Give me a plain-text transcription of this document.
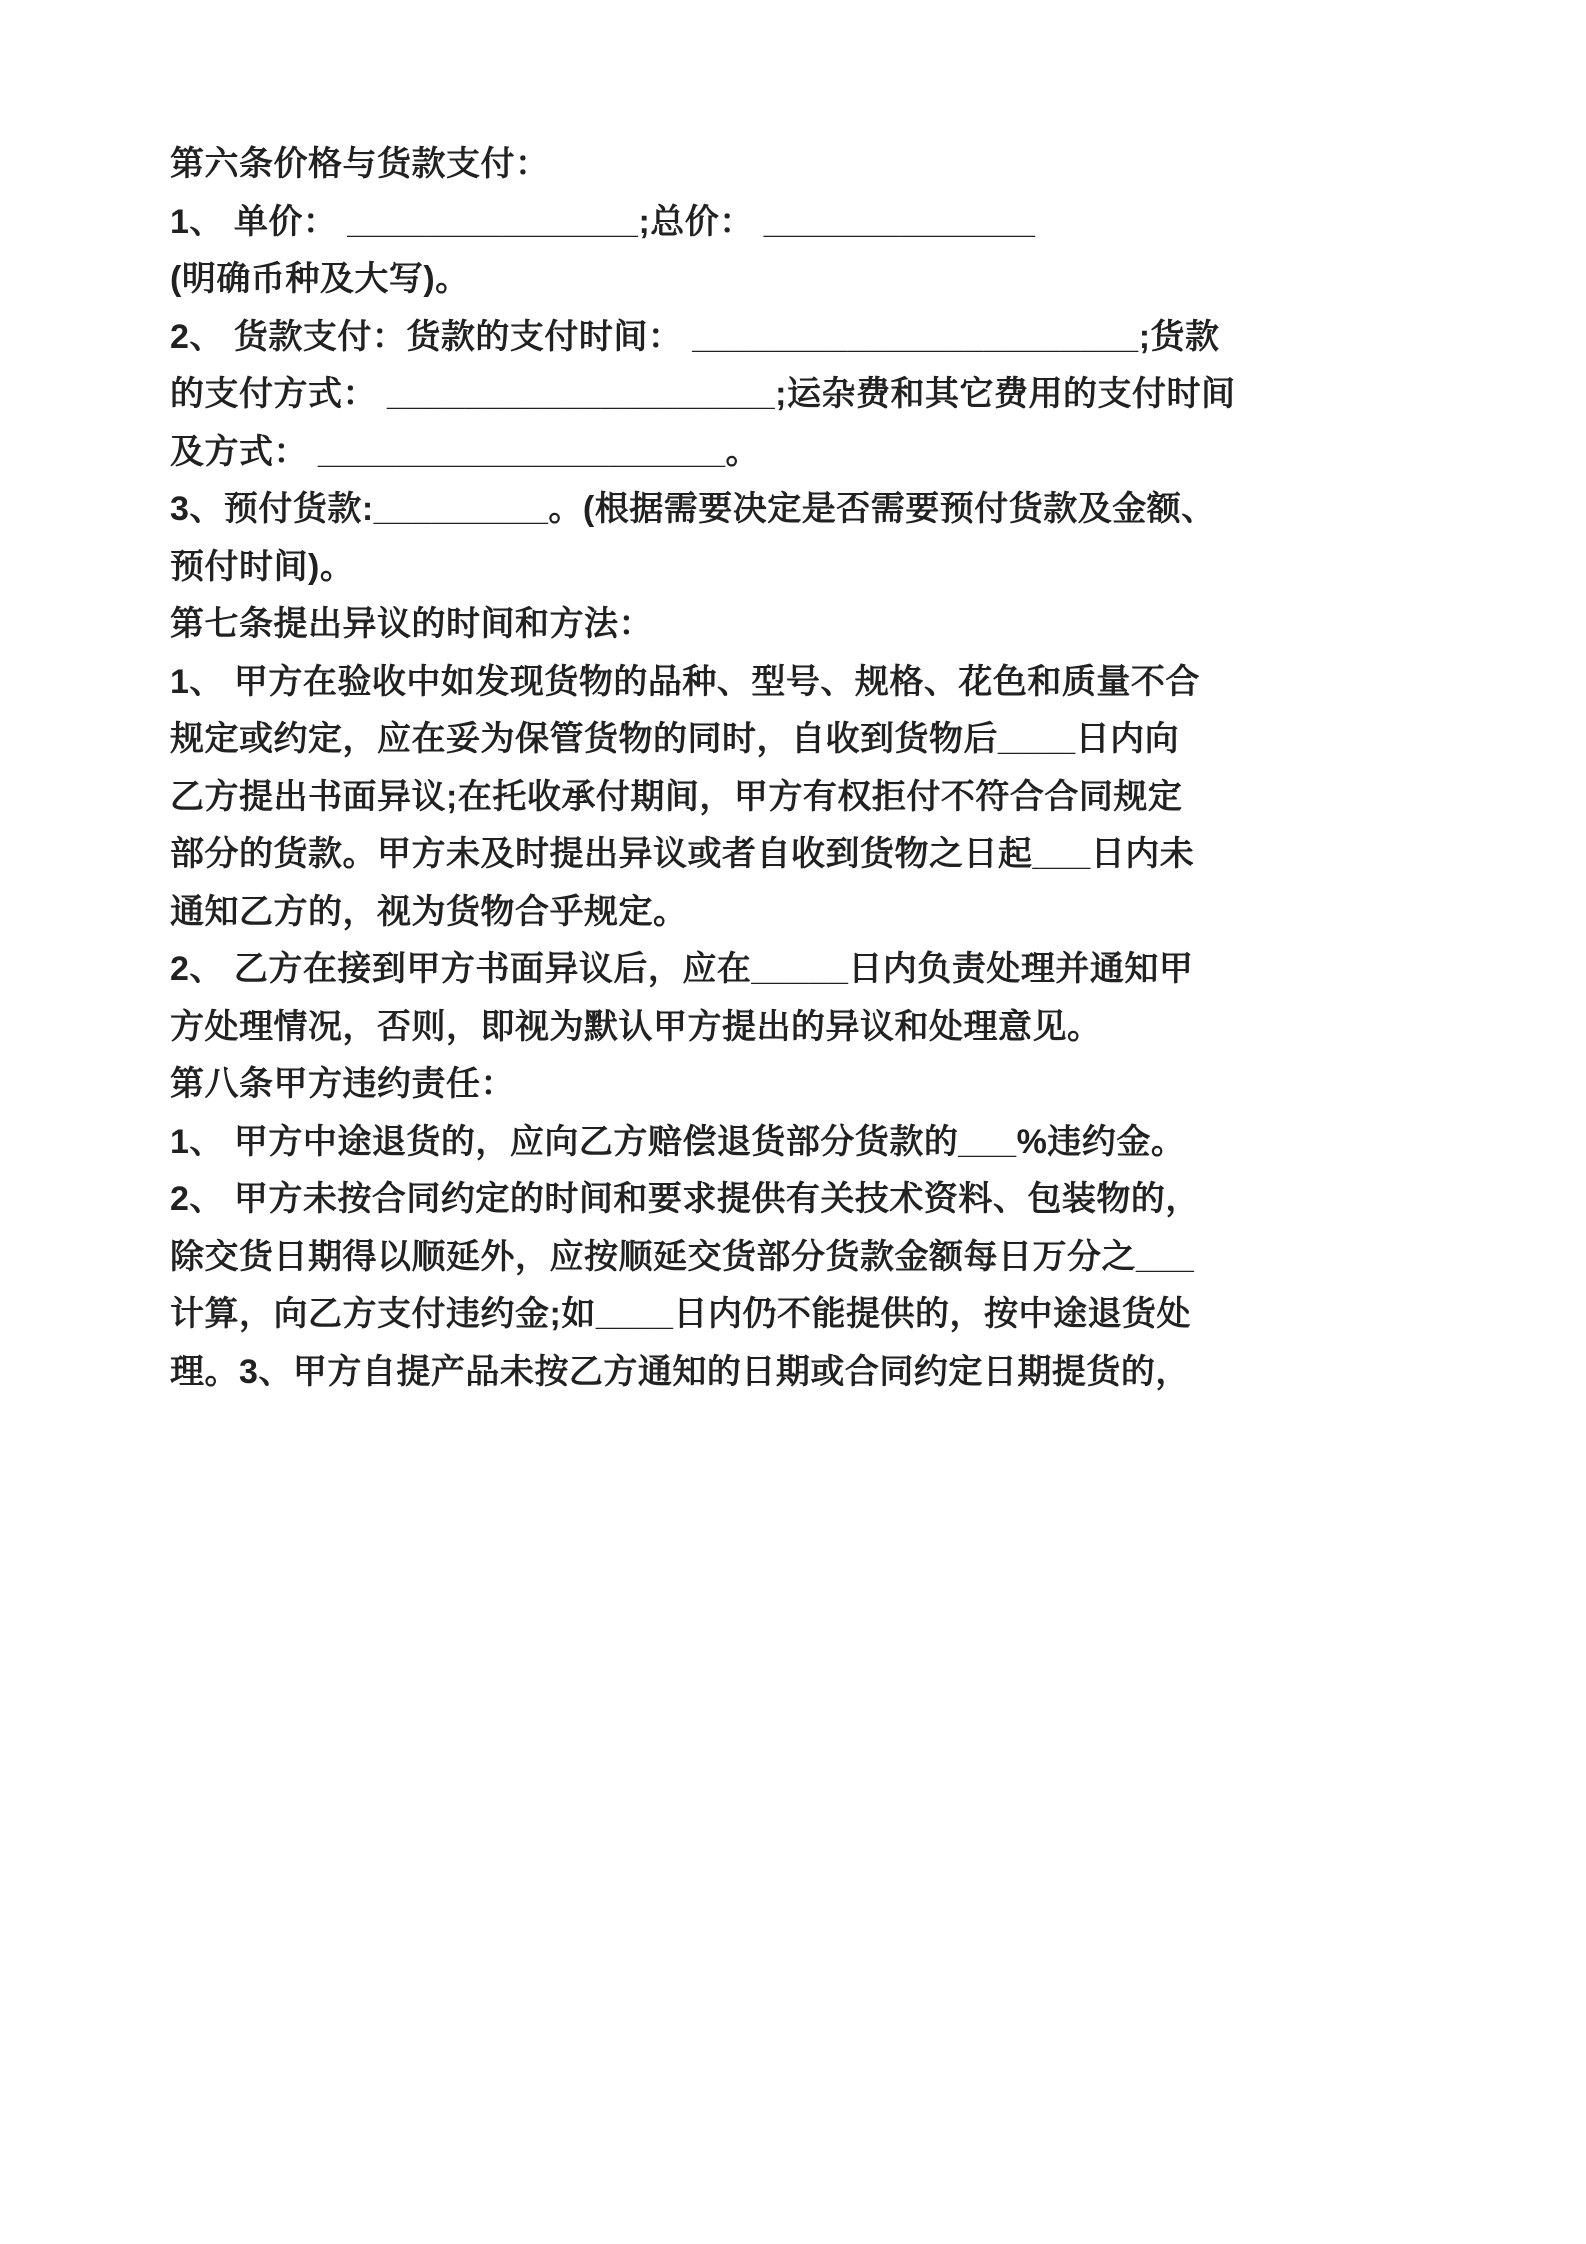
第六条价格与货款支付：
1、 单价： _______________;总价： ______________
(明确币种及大写)。
2、 货款支付：货款的支付时间： _______________________;货款
的支付方式： ____________________;运杂费和其它费用的支付时间
及方式： _____________________。
3、预付货款:_________。(根据需要决定是否需要预付货款及金额、
预付时间)。
第七条提出异议的时间和方法：
1、 甲方在验收中如发现货物的品种、型号、规格、花色和质量不合
规定或约定，应在妥为保管货物的同时，自收到货物后____日内向
乙方提出书面异议;在托收承付期间，甲方有权拒付不符合合同规定
部分的货款。甲方未及时提出异议或者自收到货物之日起___日内未
通知乙方的，视为货物合乎规定。
2、 乙方在接到甲方书面异议后，应在_____日内负责处理并通知甲
方处理情况，否则，即视为默认甲方提出的异议和处理意见。
第八条甲方违约责任：
1、 甲方中途退货的，应向乙方赔偿退货部分货款的___%违约金。
2、 甲方未按合同约定的时间和要求提供有关技术资料、包装物的，
除交货日期得以顺延外，应按顺延交货部分货款金额每日万分之___
计算，向乙方支付违约金;如____日内仍不能提供的，按中途退货处
理。3、甲方自提产品未按乙方通知的日期或合同约定日期提货的，
